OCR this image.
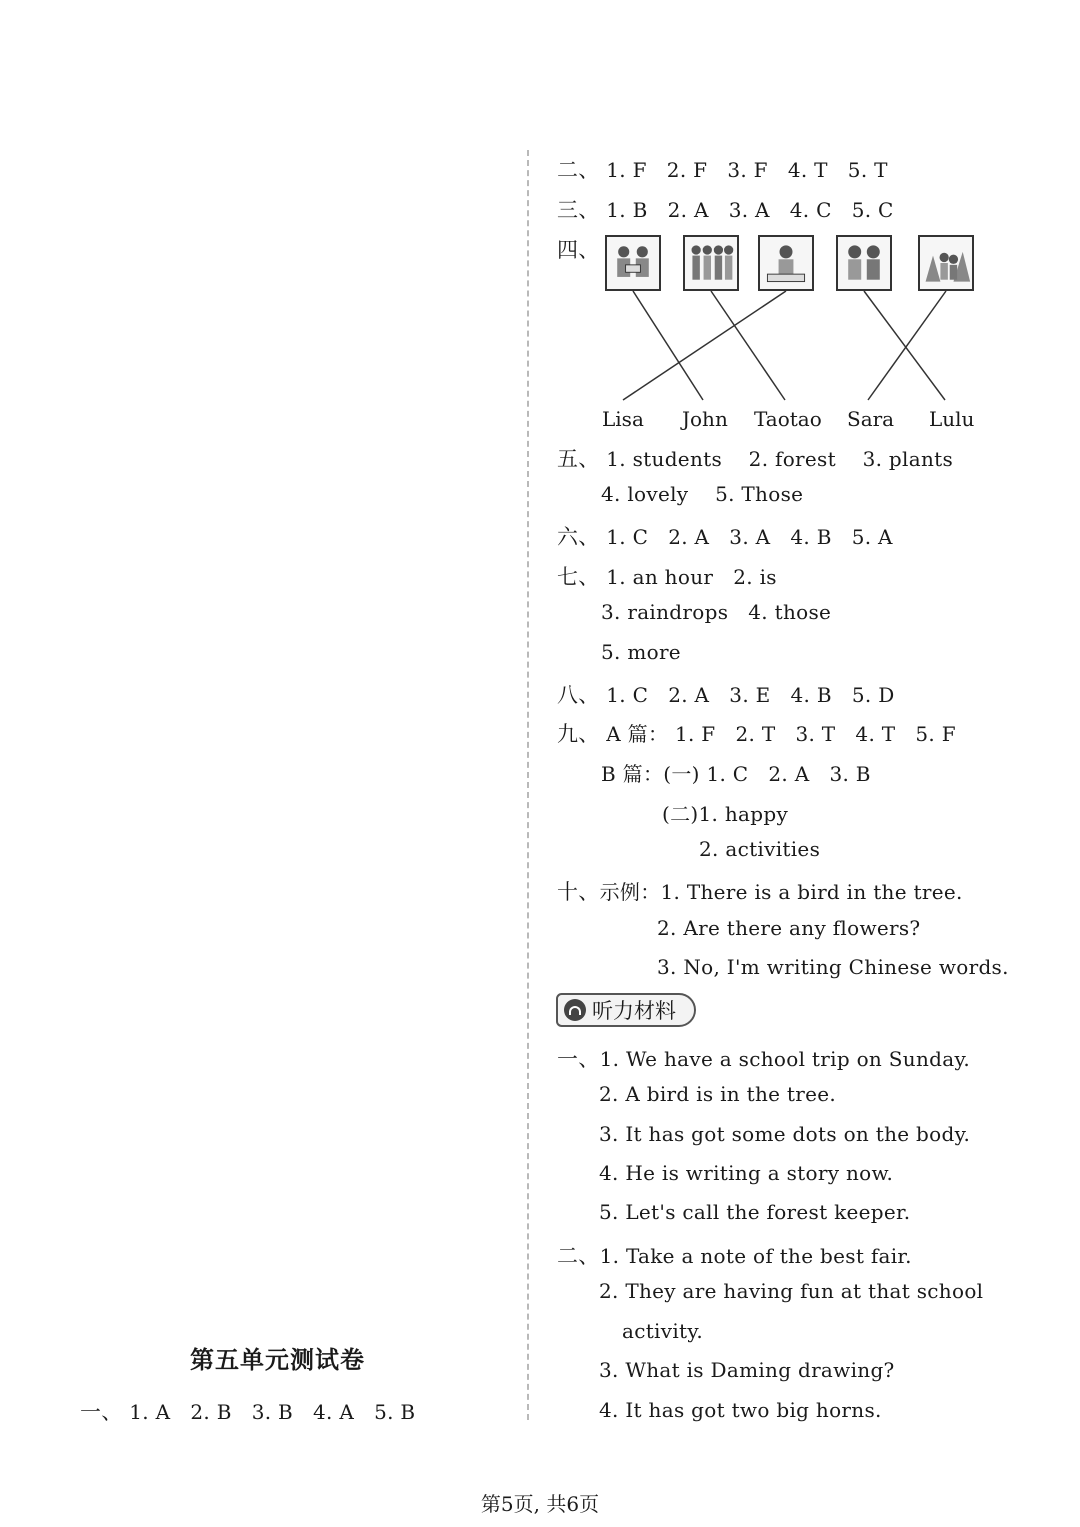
二、 1. F 2. F 3. F 4. T 5. T
三、 1. B 2. A 3. A 4. C 5. C
四、
Lisa John Taotao Sara Lulu
五、 1. students 2. forest 3. plants
4. lovely 5. Those
六、 1. C 2. A 3. A 4. B 5. A
七、 1. an hour 2. is
3. raindrops 4. those
5. more
八、 1. C 2. A 3. E 4. B 5. D
九、 A 篇： 1. F 2. T 3. T 4. T 5. F
B 篇：(一) 1. C 2. A 3. B
(二)1. happy
2. activities
十、示例：1. There is a bird in the tree.
2. Are there any flowers?
3. No, I'm writing Chinese words.
听力材料
一、1. We have a school trip on Sunday.
2. A bird is in the tree.
3. It has got some dots on the body.
4. He is writing a story now.
5. Let's call the forest keeper.
二、1. Take a note of the best fair.
2. They are having fun at that school
activity.
3. What is Daming drawing?
4. It has got two big horns.
第五单元测试卷
一、 1. A 2. B 3. B 4. A 5. B
第5页, 共6页
